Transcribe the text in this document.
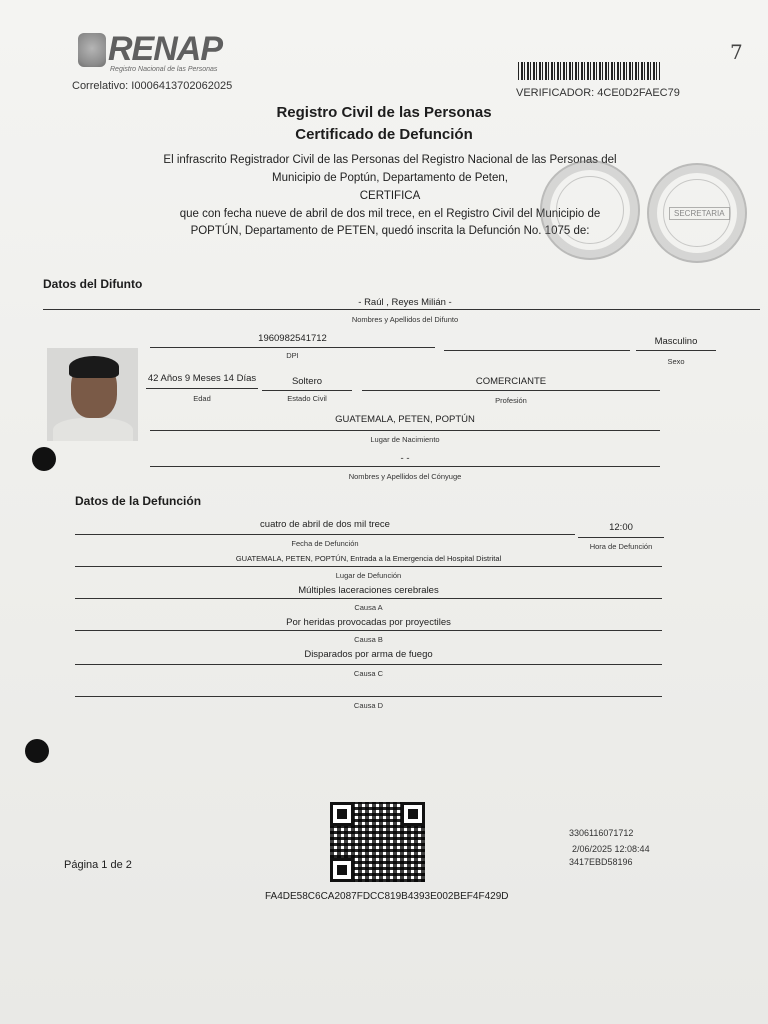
RENAP
Registro Nacional de las Personas
Correlativo: I0006413702062025
VERIFICADOR: 4CE0D2FAEC79
7
Registro Civil de las Personas
Certificado de Defunción
El infrascrito Registrador Civil de las Personas del Registro Nacional de las Personas del
Municipio de Poptún, Departamento de Peten,
CERTIFICA
que con fecha nueve de abril de dos mil trece, en el Registro Civil del Municipio de
POPTÚN, Departamento de PETEN, quedó inscrita la Defunción No. 1075 de:
SECRETARIA
Datos del Difunto
- Raúl , Reyes Milián -
Nombres y Apellidos del Difunto
1960982541712
DPI
Masculino
Sexo
42 Años 9 Meses 14 Días
Edad
Soltero
Estado Civil
COMERCIANTE
Profesión
GUATEMALA, PETEN, POPTÚN
Lugar de Nacimiento
- -
Nombres y Apellidos del Cónyuge
Datos de la Defunción
cuatro de abril de dos mil trece
Fecha de Defunción
12:00
Hora de Defunción
GUATEMALA, PETEN, POPTÚN, Entrada a la Emergencia del Hospital Distrital
Lugar de Defunción
Múltiples laceraciones cerebrales
Causa A
Por heridas provocadas por proyectiles
Causa B
Disparados por arma de fuego
Causa C
Causa D
Página 1 de 2
FA4DE58C6CA2087FDCC819B4393E002BEF4F429D
3306116071712
2/06/2025 12:08:44
3417EBD58196
